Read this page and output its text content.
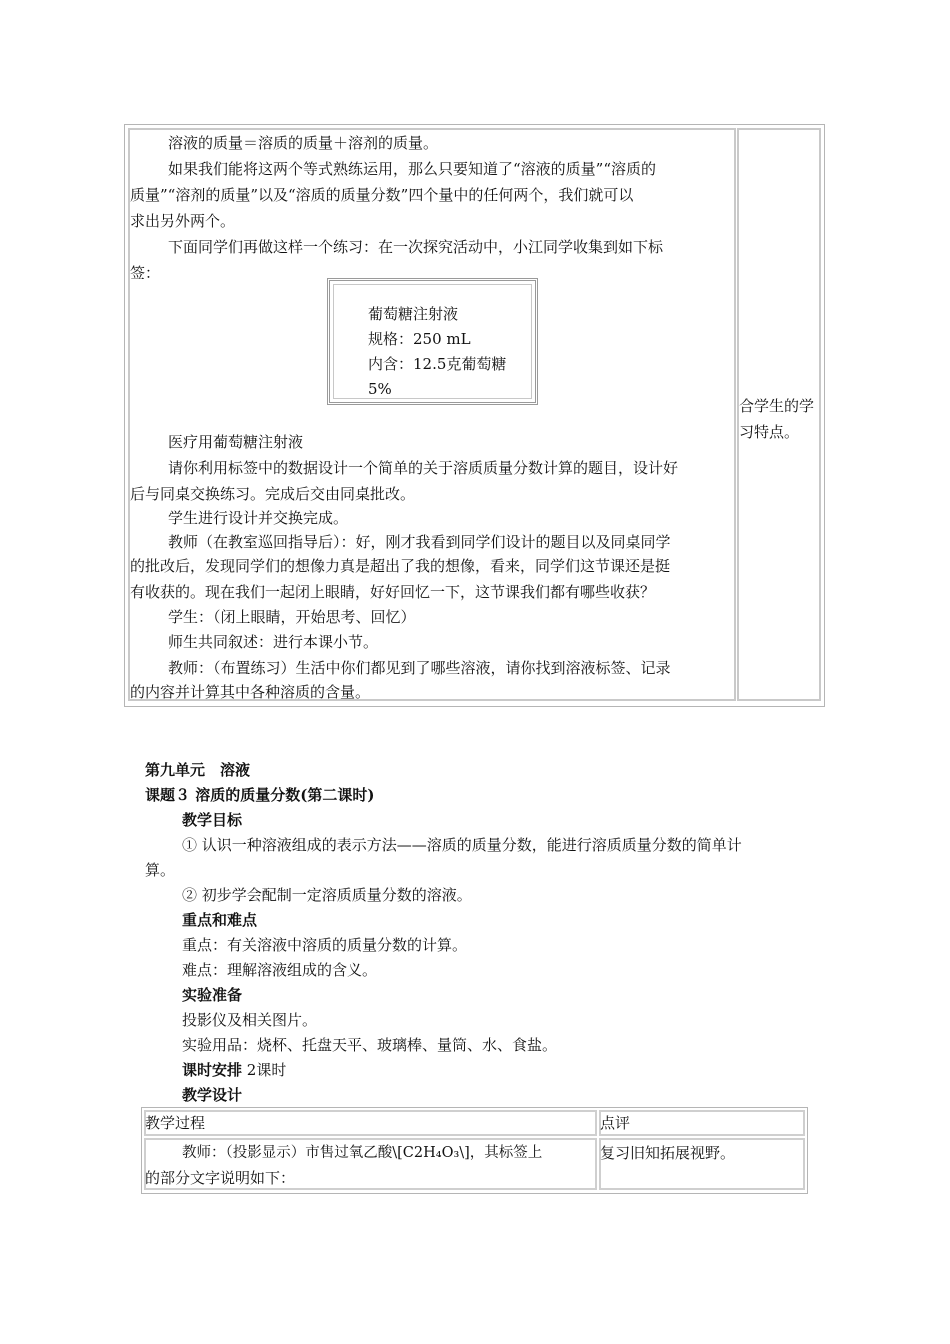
溶液的质量＝溶质的质量＋溶剂的质量。
如果我们能将这两个等式熟练运用，那么只要知道了“溶液的质量”“溶质的
质量”“溶剂的质量”以及“溶质的质量分数”四个量中的任何两个，我们就可以
求出另外两个。
下面同学们再做这样一个练习：在一次探究活动中，小江同学收集到如下标
签：
葡萄糖注射液
规格：250 mL
内含：12.5克葡萄糖
5%
医疗用葡萄糖注射液
请你利用标签中的数据设计一个简单的关于溶质质量分数计算的题目，设计好
后与同桌交换练习。完成后交由同桌批改。
学生进行设计并交换完成。
教师（在教室巡回指导后）：好，刚才我看到同学们设计的题目以及同桌同学
的批改后，发现同学们的想像力真是超出了我的想像，看来，同学们这节课还是挺
有收获的。现在我们一起闭上眼睛，好好回忆一下，这节课我们都有哪些收获？
学生：（闭上眼睛，开始思考、回忆）
师生共同叙述：进行本课小节。
教师：（布置练习）生活中你们都见到了哪些溶液，请你找到溶液标签、记录
的内容并计算其中各种溶质的含量。
合学生的学
习特点。
第九单元　溶液
课题３ 溶质的质量分数(第二课时)
教学目标
① 认识一种溶液组成的表示方法——溶质的质量分数，能进行溶质质量分数的简单计
算。
② 初步学会配制一定溶质质量分数的溶液。
重点和难点
重点：有关溶液中溶质的质量分数的计算。
难点：理解溶液组成的含义。
实验准备
投影仪及相关图片。
实验用品：烧杯、托盘天平、玻璃棒、量筒、水、食盐。
课时安排 2课时
教学设计
教学过程	点评
教师：（投影显示）市售过氧乙酸\[C2H₄O₃\]，其标签上
的部分文字说明如下：
复习旧知拓展视野。
